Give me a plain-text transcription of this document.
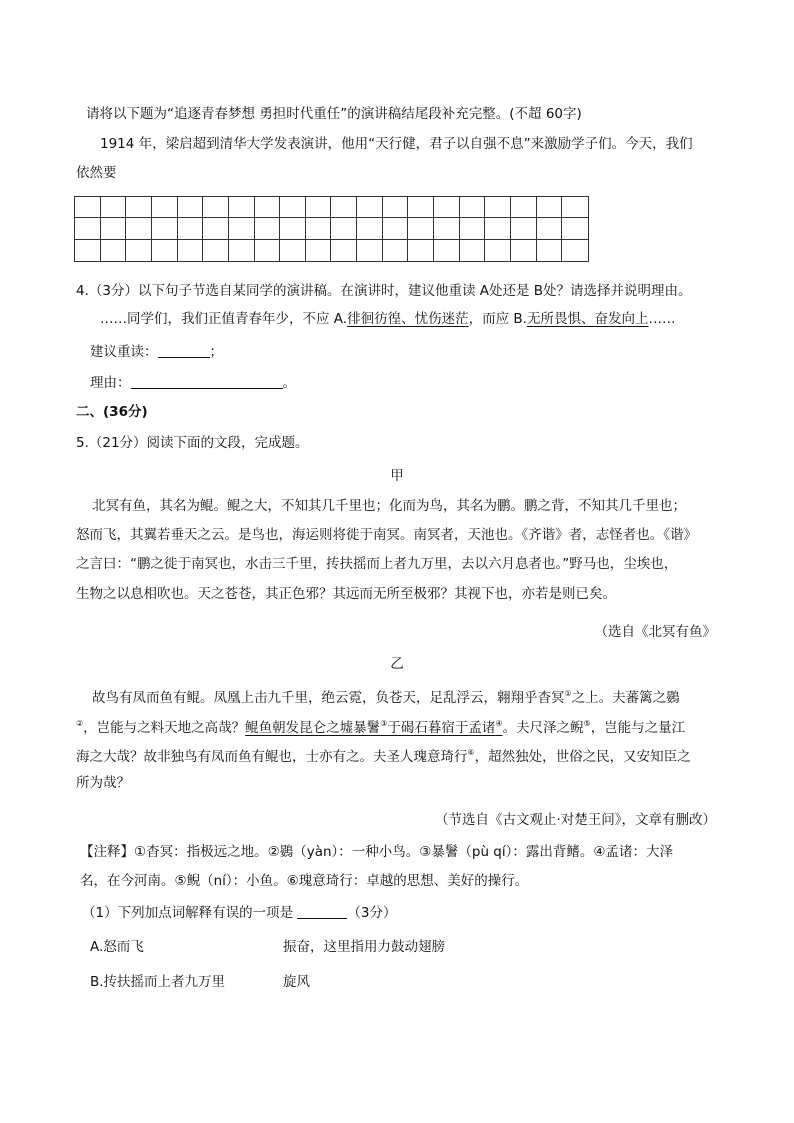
请将以下题为“追逐青春梦想 勇担时代重任”的演讲稿结尾段补充完整。(不超 60字)
1914 年，梁启超到清华大学发表演讲，他用“天行健，君子以自强不息”来激励学子们。今天，我们
依然要
4.（3分）以下句子节选自某同学的演讲稿。在演讲时，建议他重读 A处还是 B处？请选择并说明理由。
……同学们，我们正值青春年少，不应 A.徘徊彷徨、忧伤迷茫，而应 B.无所畏惧、奋发向上……
建议重读：	；
理由：	。
二、(36分)
5.（21分）阅读下面的文段，完成题。
甲
北冥有鱼，其名为鲲。鲲之大，不知其几千里也；化而为鸟，其名为鹏。鹏之背，不知其几千里也；
怒而飞，其翼若垂天之云。是鸟也，海运则将徙于南冥。南冥者，天池也。《齐谐》者，志怪者也。《谐》
之言曰：“鹏之徙于南冥也，水击三千里，抟扶摇而上者九万里，去以六月息者也。”野马也，尘埃也，
生物之以息相吹也。天之苍苍，其正色邪？其远而无所至极邪？其视下也，亦若是则已矣。
（选自《北冥有鱼》
乙
故鸟有凤而鱼有鲲。凤凰上击九千里，绝云霓，负苍天，足乱浮云，翱翔乎杳冥①之上。夫蕃篱之鷃
②，岂能与之料天地之高哉？鲲鱼朝发昆仑之墟暴鬐③于碣石暮宿于孟诸④。夫尺泽之鲵⑤，岂能与之量江
海之大哉？故非独鸟有凤而鱼有鲲也，士亦有之。夫圣人瑰意琦行⑥，超然独处，世俗之民，又安知臣之
所为哉？
（节选自《古文观止·对楚王问》，文章有删改）
【注释】①杳冥：指极远之地。②鷃（yàn）：一种小鸟。③暴鬐（pù qí）：露出背鳍。④孟诸：大泽
名，在今河南。⑤鲵（ní）：小鱼。⑥瑰意琦行：卓越的思想、美好的操行。
（1）下列加点词解释有误的一项是	（3分）
A.怒而飞	振奋，这里指用力鼓动翅膀
B.抟扶摇而上者九万里	旋风
